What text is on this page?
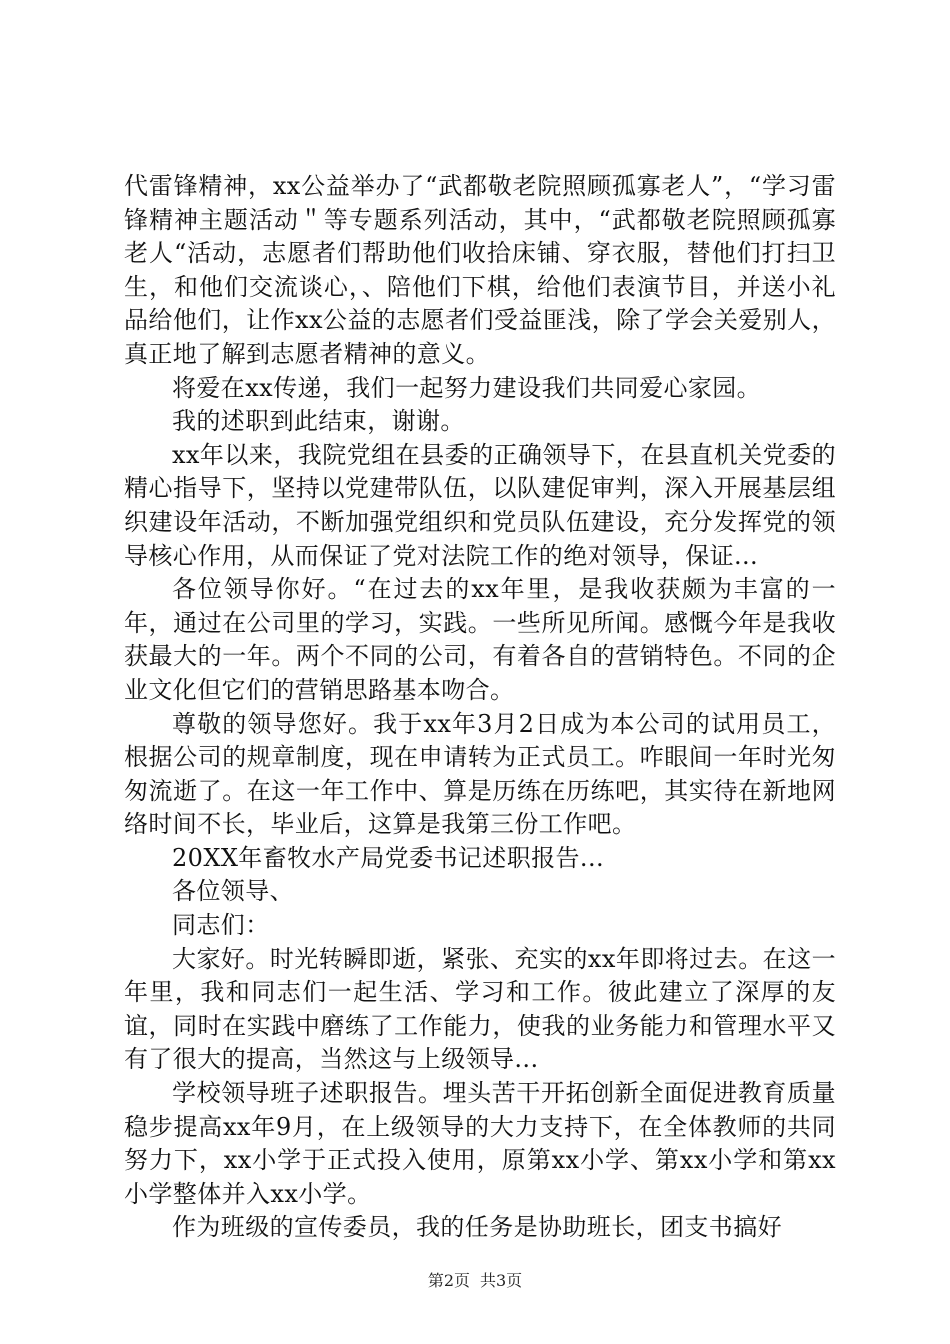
代雷锋精神，xx公益举办了“武都敬老院照顾孤寡老人”，“学习雷锋精神主题活动＂等专题系列活动，其中，“武都敬老院照顾孤寡老人“活动，志愿者们帮助他们收拾床铺、穿衣服，替他们打扫卫生，和他们交流谈心，、陪他们下棋，给他们表演节目，并送小礼品给他们，让作xx公益的志愿者们受益匪浅，除了学会关爱别人，真正地了解到志愿者精神的意义。

将爱在xx传递，我们一起努力建设我们共同爱心家园。

我的述职到此结束，谢谢。

xx年以来，我院党组在县委的正确领导下，在县直机关党委的精心指导下，坚持以党建带队伍，以队建促审判，深入开展基层组织建设年活动，不断加强党组织和党员队伍建设，充分发挥党的领导核心作用，从而保证了党对法院工作的绝对领导，保证...

各位领导你好。“在过去的xx年里，是我收获颇为丰富的一年，通过在公司里的学习，实践。一些所见所闻。感慨今年是我收获最大的一年。两个不同的公司，有着各自的营销特色。不同的企业文化但它们的营销思路基本吻合。

尊敬的领导您好。我于xx年3月2日成为本公司的试用员工，根据公司的规章制度，现在申请转为正式员工。咋眼间一年时光匆匆流逝了。在这一年工作中、算是历练在历练吧，其实待在新地网络时间不长，毕业后，这算是我第三份工作吧。

20XX年畜牧水产局党委书记述职报告...

各位领导、

同志们：

大家好。时光转瞬即逝，紧张、充实的xx年即将过去。在这一年里，我和同志们一起生活、学习和工作。彼此建立了深厚的友谊，同时在实践中磨练了工作能力，使我的业务能力和管理水平又有了很大的提高，当然这与上级领导...

学校领导班子述职报告。埋头苦干开拓创新全面促进教育质量稳步提高xx年9月，在上级领导的大力支持下，在全体教师的共同努力下，xx小学于正式投入使用，原第xx小学、第xx小学和第xx小学整体并入xx小学。

作为班级的宣传委员，我的任务是协助班长，团支书搞好

第2页 共3页
